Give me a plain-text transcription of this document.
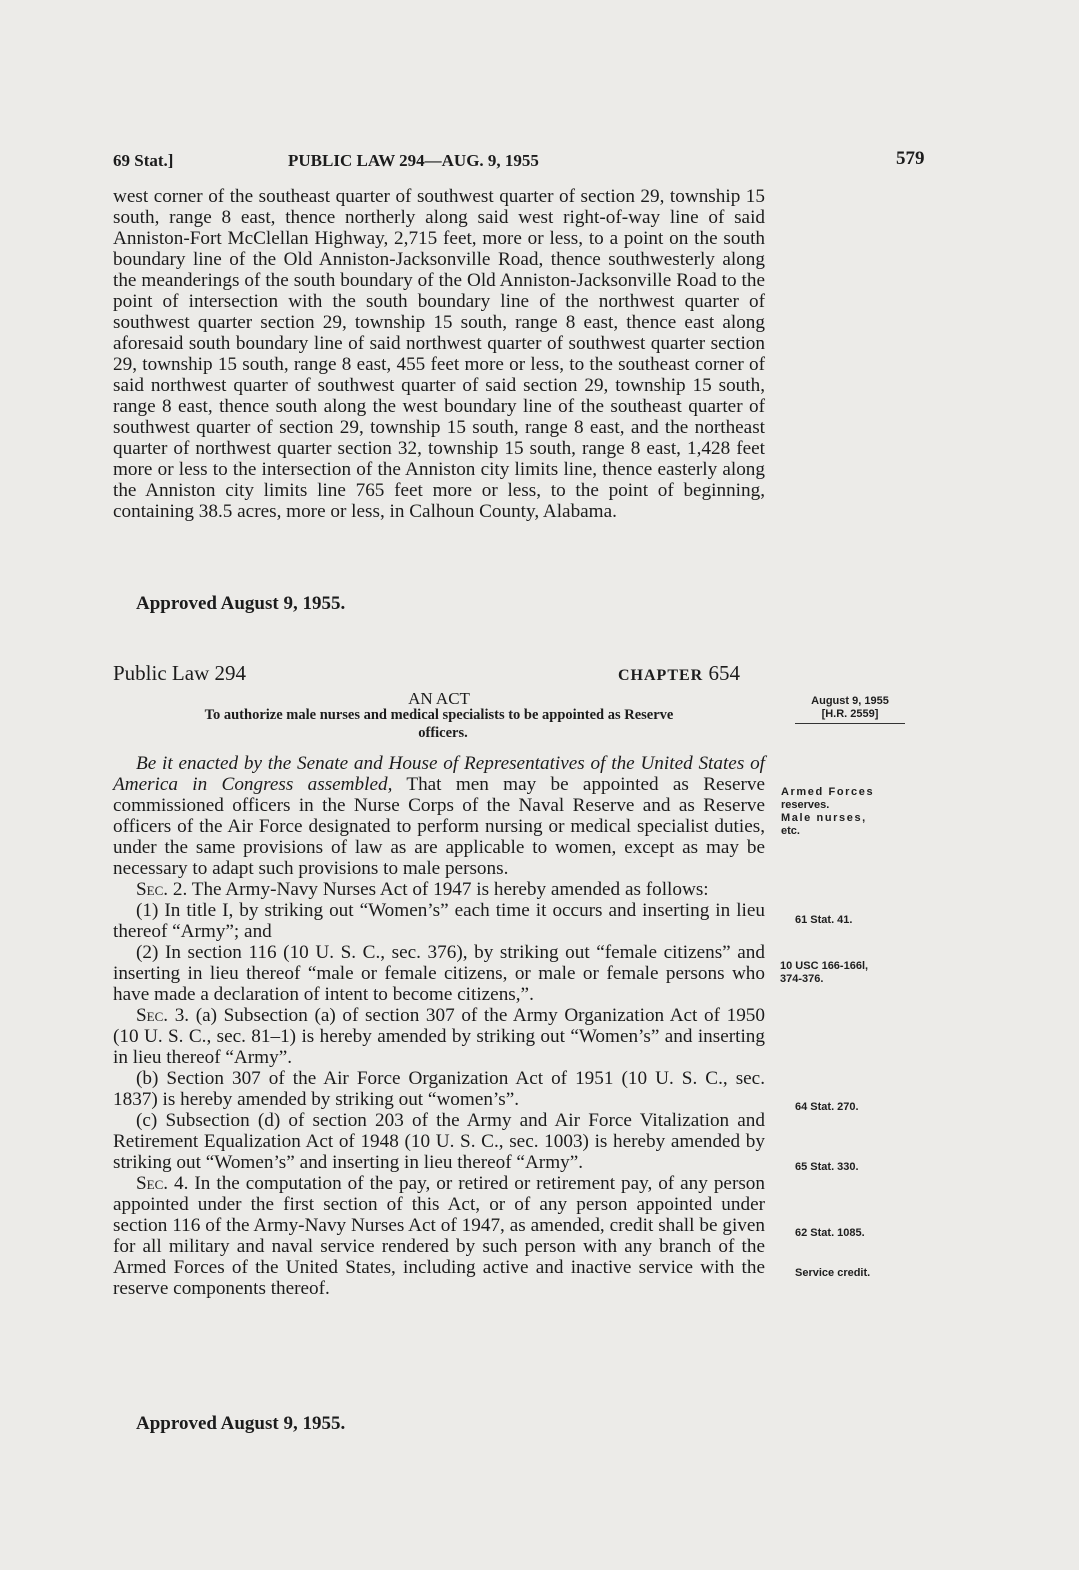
69 Stat.]	PUBLIC LAW 294—AUG. 9, 1955	579

west corner of the southeast quarter of southwest quarter of section 29, township 15 south, range 8 east, thence northerly along said west right-of-way line of said Anniston-Fort McClellan Highway, 2,715 feet, more or less, to a point on the south boundary line of the Old Anniston-Jacksonville Road, thence southwesterly along the meanderings of the south boundary of the Old Anniston-Jacksonville Road to the point of intersection with the south boundary line of the northwest quarter of southwest quarter section 29, township 15 south, range 8 east, thence east along aforesaid south boundary line of said northwest quarter of southwest quarter section 29, township 15 south, range 8 east, 455 feet more or less, to the southeast corner of said northwest quarter of southwest quarter of said section 29, township 15 south, range 8 east, thence south along the west boundary line of the southeast quarter of southwest quarter of section 29, township 15 south, range 8 east, and the northeast quarter of northwest quarter section 32, township 15 south, range 8 east, 1,428 feet more or less to the intersection of the Anniston city limits line, thence easterly along the Anniston city limits line 765 feet more or less, to the point of beginning, containing 38.5 acres, more or less, in Calhoun County, Alabama.

Approved August 9, 1955.
Public Law 294	CHAPTER 654
AN ACT
To authorize male nurses and medical specialists to be appointed as Reserve
officers.

Be it enacted by the Senate and House of Representatives of the United States of America in Congress assembled, That men may be appointed as Reserve commissioned officers in the Nurse Corps of the Naval Reserve and as Reserve officers of the Air Force designated to perform nursing or medical specialist duties, under the same provisions of law as are applicable to women, except as may be necessary to adapt such provisions to male persons.

Sec. 2. The Army-Navy Nurses Act of 1947 is hereby amended as follows:

(1) In title I, by striking out “Women’s” each time it occurs and inserting in lieu thereof “Army”; and

(2) In section 116 (10 U. S. C., sec. 376), by striking out “female citizens” and inserting in lieu thereof “male or female citizens, or male or female persons who have made a declaration of intent to become citizens,”.

Sec. 3. (a) Subsection (a) of section 307 of the Army Organization Act of 1950 (10 U. S. C., sec. 81–1) is hereby amended by striking out “Women’s” and inserting in lieu thereof “Army”.

(b) Section 307 of the Air Force Organization Act of 1951 (10 U. S. C., sec. 1837) is hereby amended by striking out “women’s”.

(c) Subsection (d) of section 203 of the Army and Air Force Vitalization and Retirement Equalization Act of 1948 (10 U. S. C., sec. 1003) is hereby amended by striking out “Women’s” and inserting in lieu thereof “Army”.

Sec. 4. In the computation of the pay, or retired or retirement pay, of any person appointed under the first section of this Act, or of any person appointed under section 116 of the Army-Navy Nurses Act of 1947, as amended, credit shall be given for all military and naval service rendered by such person with any branch of the Armed Forces of the United States, including active and inactive service with the reserve components thereof.

Approved August 9, 1955.
August 9, 1955
[H.R. 2559]
Armed Forces
reserves.
Male nurses,
etc.
61 Stat. 41.
10 USC 166-166l,
374-376.
64 Stat. 270.
65 Stat. 330.
62 Stat. 1085.
Service credit.
